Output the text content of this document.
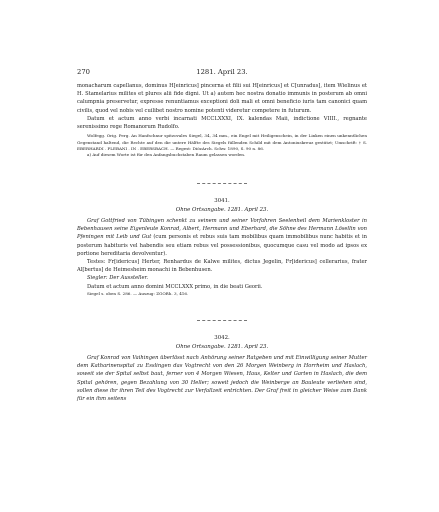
270	1281. April 23.

monacharum capellanus, dominus H[einricus] pincerna et filii sui H[einricus] et C[unradus], item Wielinus et H. Stamelarius milites et plures alii fide digni. Ut a) autem hec nostra donatio immunis in posterum ab omni calumpnia preservetur, expresse renuntiamus exceptioni doli mali et omni beneficio iuris tam canonici quam civilis, quod vel nobis vel cuilibet nostro nomine potenti videretur competere in futurum.

Datum et actum anno verbi incarnati MCCLXXXI, IX. kalendas Maii, indictione VIIII., regnante serenissimo rege Romanorum Rudolfo.

Wolfegg. Orig. Perg. An Hanfschnur spitzovales Siegel, 34, 34 mm., ein Engel mit Heiligenschein, in der Linken einen unkenntlichen Gegenstand haltend, die Rechte auf den die untere Hälfte des Siegels füllenden Schild mit dem Antoniuskreuz gestützt; Umschrift: † S. EBERHARDI . PLEBANI . IN . EBERSBACH. — Regest: DiözArch. Schw. 1890, S. 90 n. 86.

a) Auf diesem Worte ist für den Anfangsbuchstaben Raum gelassen worden.

3041.

Ohne Ortsangabe. 1281. April 23.

Graf Gottfried von Tübingen schenkt zu seinem und seiner Vorfahren Seelenheil dem Marienkloster in Bebenhausen seine Eigenleute Konrad, Albert, Hermann und Eberhard, die Söhne des Hermann Lösellin von Pfeningen mit Leib und Gut (cum personis et rebus suis tam mobilibus quam immobilibus nunc habitis et in posterum habituris vel habendis seu etiam rebus vel possessionibus, quocumque casu vel modo ad ipsos ex portione hereditaria devolventur).

Testes: Fr[idericus] Herter, Renhardus de Kalwe milites, dictus Jegelin, Fr[idericus] cellerarius, frater Al[bertus] de Heimesheim monachi in Bebenhusen.

Siegler: Der Aussteller.

Datum et actum anno domini MCCLXXX primo, in die beati Georii.

Siegel s. oben S. 286. — Auszug: ZGORh. 3, 416.

3042.

Ohne Ortsangabe. 1281. April 23.

Graf Konrad von Vaihingen überlässt nach Anhörung seiner Ratgeben und mit Einwilligung seiner Mutter dem Katharinenspital zu Esslingen das Vogtrecht von den 26 Morgen Weinberg in Horrheim und Haslach, soweit sie der Spital selbst baut, ferner von 4 Morgen Wiesen, Haus, Kelter und Garten in Haslach, die dem Spital gehören, gegen Bezahlung von 30 Heller; soweit jedoch die Weinberge an Bauleute verliehen sind, sollen diese ihr ihren Teil des Vogtrecht zur Verfallzeit entrichten. Der Graf freit in gleicher Weise zum Dank für ein ihm seitens
